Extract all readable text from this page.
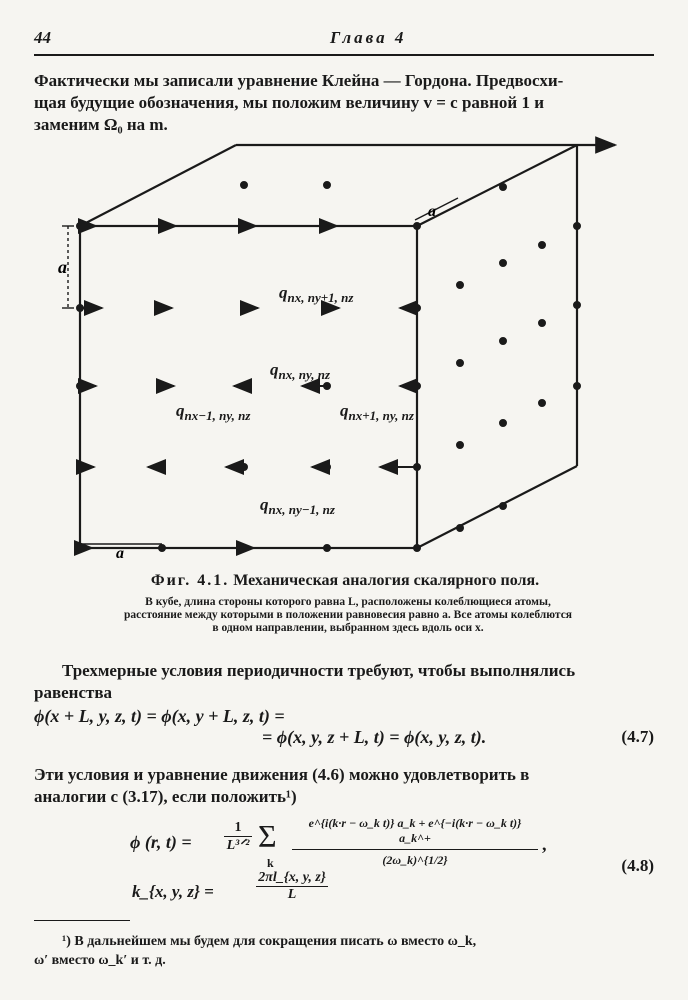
44	Глава 4
Фактически мы записали уравнение Клейна — Гордона. Предвосхи-
щая будущие обозначения, мы положим величину v = c равной 1 и
заменим Ω₀ на m.
a
a
a
$q_{nx, ny+1, nz}$
$q_{nx, ny, nz}$
$q_{nx-1, ny, nz}$	$q_{nx+1, ny, nz}$
$q_{nx, ny-1, nz}$
Фиг. 4.1. Механическая аналогия скалярного поля.
В кубе, длина стороны которого равна L, расположены колеблющиеся атомы,
расстояние между которыми в положении равновесия равно a. Все атомы колеблются
в одном направлении, выбранном здесь вдоль оси x.
Трехмерные условия периодичности требуют, чтобы выполнялись
равенства
ϕ(x + L, y, z, t) = ϕ(x, y + L, z, t) =
= ϕ(x, y, z + L, t) = ϕ(x, y, z, t).	(4.7)
Эти условия и уравнение движения (4.6) можно удовлетворить в
аналогии с (3.17), если положить¹)
ϕ (r, t) =
1
L³ᐟ² Σ
k $\frac{\text{e\textasciicircum{}\{i(k·r − ω\_k t)\} a\_k + e\textasciicircum{}\{−i(k·r − ω\_k t)\} a\_k\textasciicircum{}+}}{(2\omega\_k)\^{}\{1/2\}}$ ,
(4.8)
k_{x, y, z} =	$\frac{2\pi l\_\{x, y, z\}}{L}$
¹) В дальнейшем мы будем для сокращения писать ω вместо ω_k,
ω′ вместо ω_k′ и т. д.
